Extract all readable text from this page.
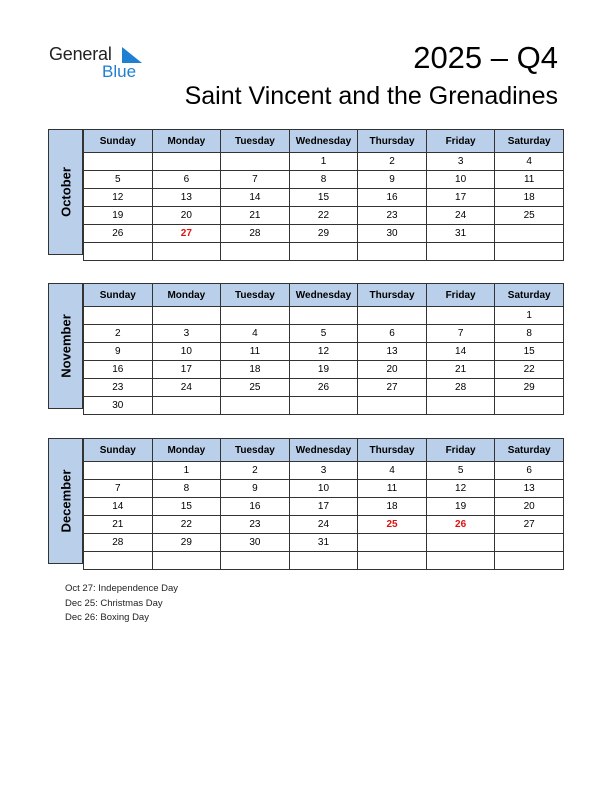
General
Blue	2025 – Q4
Saint Vincent and the Grenadines
October
Sunday	Monday	Tuesday	Wednesday	Thursday	Friday	Saturday
			1	2	3	4
5	6	7	8	9	10	11
12	13	14	15	16	17	18
19	20	21	22	23	24	25
26	27	28	29	30	31	

November
Sunday	Monday	Tuesday	Wednesday	Thursday	Friday	Saturday
						1
2	3	4	5	6	7	8
9	10	11	12	13	14	15
16	17	18	19	20	21	22
23	24	25	26	27	28	29
30						
December
Sunday	Monday	Tuesday	Wednesday	Thursday	Friday	Saturday
	1	2	3	4	5	6
7	8	9	10	11	12	13
14	15	16	17	18	19	20
21	22	23	24	25	26	27
28	29	30	31			

Oct 27: Independence Day
Dec 25: Christmas Day
Dec 26: Boxing Day
